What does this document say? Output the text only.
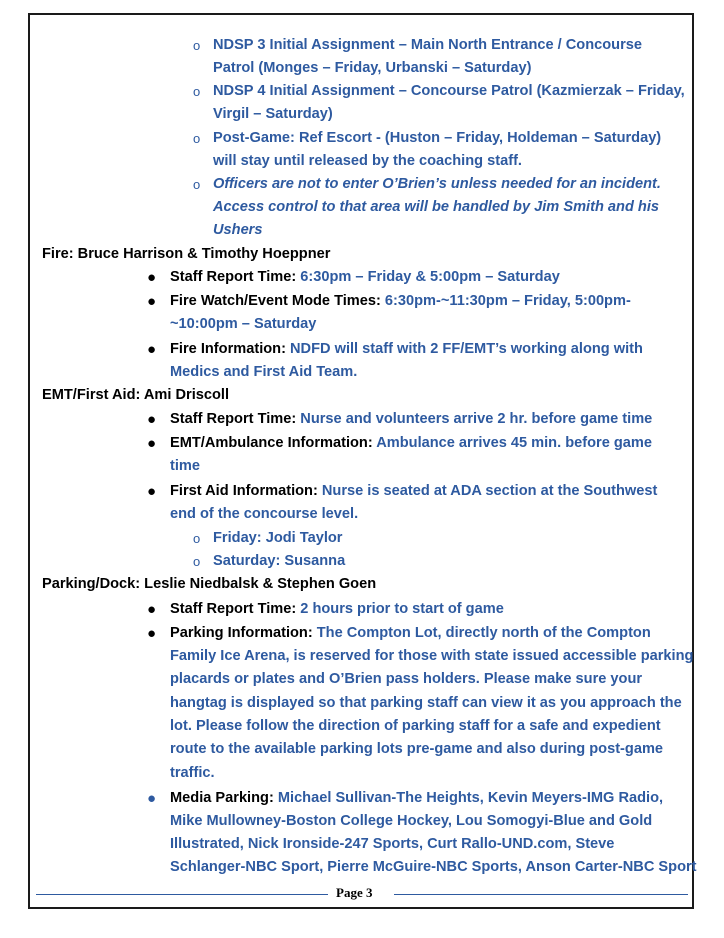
o NDSP 3 Initial Assignment – Main North Entrance / Concourse
Patrol (Monges – Friday, Urbanski – Saturday)
o NDSP 4 Initial Assignment – Concourse Patrol (Kazmierzak – Friday,
Virgil – Saturday)
o Post-Game: Ref Escort - (Huston – Friday, Holdeman – Saturday)
will stay until released by the coaching staff.
o Officers are not to enter O’Brien’s unless needed for an incident.
Access control to that area will be handled by Jim Smith and his
Ushers
Fire: Bruce Harrison & Timothy Hoeppner
● Staff Report Time: 6:30pm – Friday & 5:00pm – Saturday
● Fire Watch/Event Mode Times: 6:30pm-~11:30pm – Friday, 5:00pm-
~10:00pm – Saturday
● Fire Information: NDFD will staff with 2 FF/EMT’s working along with
Medics and First Aid Team.
EMT/First Aid: Ami Driscoll
● Staff Report Time: Nurse and volunteers arrive 2 hr. before game time
● EMT/Ambulance Information: Ambulance arrives 45 min. before game
time
● First Aid Information: Nurse is seated at ADA section at the Southwest
end of the concourse level.
o Friday: Jodi Taylor
o Saturday: Susanna
Parking/Dock: Leslie Niedbalsk & Stephen Goen
● Staff Report Time: 2 hours prior to start of game
● Parking Information: The Compton Lot, directly north of the Compton
Family Ice Arena, is reserved for those with state issued accessible parking
placards or plates and O’Brien pass holders. Please make sure your
hangtag is displayed so that parking staff can view it as you approach the
lot. Please follow the direction of parking staff for a safe and expedient
route to the available parking lots pre-game and also during post-game
traffic.
● Media Parking: Michael Sullivan-The Heights, Kevin Meyers-IMG Radio,
Mike Mullowney-Boston College Hockey, Lou Somogyi-Blue and Gold
Illustrated, Nick Ironside-247 Sports, Curt Rallo-UND.com, Steve
Schlanger-NBC Sport, Pierre McGuire-NBC Sports, Anson Carter-NBC Sport
Page 3
